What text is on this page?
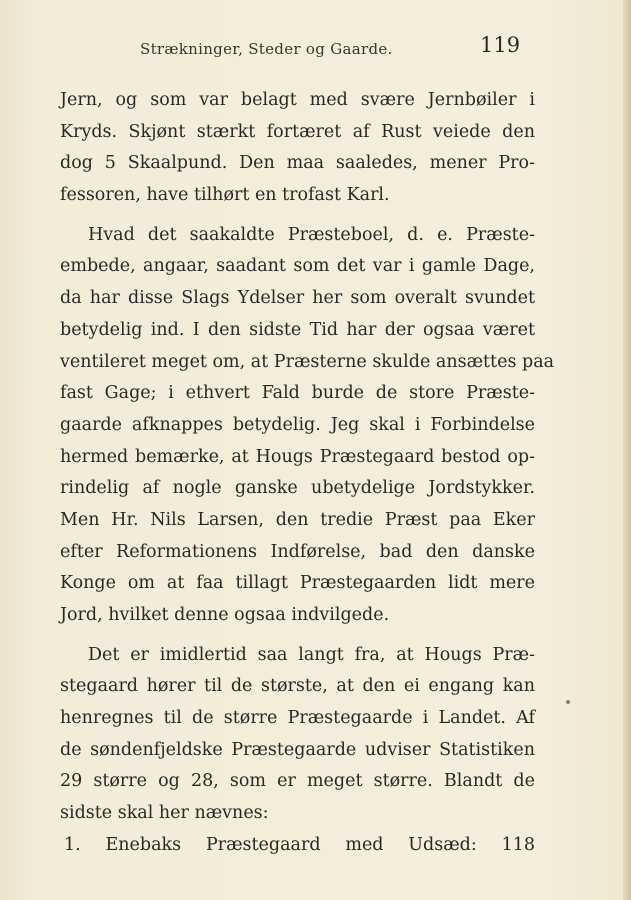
Strækninger, Steder og Gaarde.	119
Jern, og som var belagt med svære Jernbøiler i
Kryds. Skjønt stærkt fortæret af Rust veiede den
dog 5 Skaalpund. Den maa saaledes, mener Pro-
fessoren, have tilhørt en trofast Karl.
Hvad det saakaldte Præsteboel, d. e. Præste-
embede, angaar, saadant som det var i gamle Dage,
da har disse Slags Ydelser her som overalt svundet
betydelig ind. I den sidste Tid har der ogsaa været
ventileret meget om, at Præsterne skulde ansættes paa
fast Gage; i ethvert Fald burde de store Præste-
gaarde afknappes betydelig. Jeg skal i Forbindelse
hermed bemærke, at Hougs Præstegaard bestod op-
rindelig af nogle ganske ubetydelige Jordstykker.
Men Hr. Nils Larsen, den tredie Præst paa Eker
efter Reformationens Indførelse, bad den danske
Konge om at faa tillagt Præstegaarden lidt mere
Jord, hvilket denne ogsaa indvilgede.
Det er imidlertid saa langt fra, at Hougs Præ-
stegaard hører til de største, at den ei engang kan
henregnes til de større Præstegaarde i Landet. Af
de søndenfjeldske Præstegaarde udviser Statistiken
29 større og 28, som er meget større. Blandt de
sidste skal her nævnes:
1. Enebaks Præstegaard med Udsæd: 118
